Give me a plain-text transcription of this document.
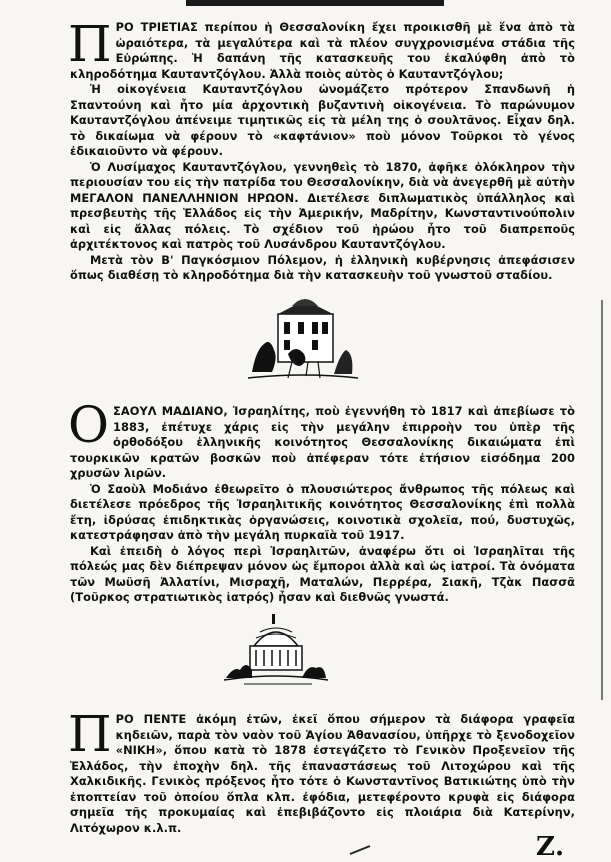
ΠΡΟ ΤΡΙΕΤΙΑΣ περίπου ἡ Θεσσαλονίκη ἔχει προικισθῆ μὲ ἕνα ἀπὸ τὰ ὡραιότερα, τὰ μεγαλύτερα καὶ τὰ πλέον συγχρονισμένα στάδια τῆς Εὐρώπης. Ἡ δαπάνη τῆς κατασκευῆς του ἐκαλύφθη ἀπὸ τὸ κληροδότημα Καυταντζόγλου. Ἀλλὰ ποιὸς αὐτὸς ὁ Καυταντζόγλου;

Ἡ οἰκογένεια Καυταντζόγλου ὠνομάζετο πρότερον Σπανδωνῆ ἡ Σπαντούνη καὶ ἦτο μία ἀρχοντικὴ βυζαντινὴ οἰκογένεια. Τὸ παρώνυμον Καυταντζόγλου ἀπένειμε τιμητικῶς εἰς τὰ μέλη της ὁ σουλτᾶνος. Εἶχαν δηλ. τὸ δικαίωμα νὰ φέρουν τὸ «καφτάνιον» ποὺ μόνον Τοῦρκοι τὸ γένος ἐδικαιοῦντο νὰ φέρουν.

Ὁ Λυσίμαχος Καυταντζόγλου, γεννηθεὶς τὸ 1870, ἀφῆκε ὁλόκληρον τὴν περιουσίαν του εἰς τὴν πατρίδα του Θεσσαλονίκην, διὰ νὰ ἀνεγερθῆ μὲ αὐτὴν ΜΕΓΑΛΟΝ ΠΑΝΕΛΛΗΝΙΟΝ ΗΡΩΟΝ. Διετέλεσε διπλωματικὸς ὑπάλληλος καὶ πρεσβευτὴς τῆς Ἑλλάδος εἰς τὴν Ἀμερικήν, Μαδρίτην, Κωνσταντινούπολιν καὶ εἰς ἄλλας πόλεις. Τὸ σχέδιον τοῦ ἡρώου ἦτο τοῦ διαπρεποῦς ἀρχιτέκτονος καὶ πατρὸς τοῦ Λυσάνδρου Καυταντζόγλου.

Μετὰ τὸν Β' Παγκόσμιον Πόλεμον, ἡ ἑλληνικὴ κυβέρνησις ἀπεφάσισεν ὅπως διαθέσῃ τὸ κληροδότημα διὰ τὴν κατασκευὴν τοῦ γνωστοῦ σταδίου.

ΟΣΑΟΥΛ ΜΑΔΙΑΝΟ, Ἰσραηλίτης, ποὺ ἐγεννήθη τὸ 1817 καὶ ἀπεβίωσε τὸ 1883, ἐπέτυχε χάρις εἰς τὴν μεγάλην ἐπιρροὴν του ὑπὲρ τῆς ὀρθοδόξου ἑλληνικῆς κοινότητος Θεσσαλονίκης δικαιώματα ἐπὶ τουρκικῶν κρατῶν βοσκῶν ποὺ ἀπέφεραν τότε ἐτήσιον εἰσόδημα 200 χρυσῶν λιρῶν.

Ὁ Σαοὺλ Μοδιάνο ἐθεωρεῖτο ὁ πλουσιώτερος ἄνθρωπος τῆς πόλεως καὶ διετέλεσε πρόεδρος τῆς Ἰσραηλιτικῆς κοινότητος Θεσσαλονίκης ἐπὶ πολλὰ ἔτη, ἱδρύσας ἐπιδηκτικὰς ὀργανώσεις, κοινοτικὰ σχολεῖα, πού, δυστυχῶς, κατεστράφησαν ἀπὸ τὴν μεγάλη πυρκαϊὰ τοῦ 1917.

Καὶ ἐπειδὴ ὁ λόγος περὶ Ἰσραηλιτῶν, ἀναφέρω ὅτι οἱ Ἰσραηλῖται τῆς πόλεώς μας δὲν διέπρεψαν μόνον ὡς ἔμποροι ἀλλὰ καὶ ὡς ἰατροί. Τὰ ὀνόματα τῶν Μωϋσῆ Ἀλλατίνι, Μισραχῆ, Ματαλών, Περρέρα, Σιακῆ, Τζὰκ Πασσᾶ (Τοῦρκος στρατιωτικὸς ἰατρός) ἦσαν καὶ διεθνῶς γνωστά.

ΠΡΟ ΠΕΝΤΕ ἀκόμη ἐτῶν, ἐκεῖ ὅπου σήμερον τὰ διάφορα γραφεῖα κηδειῶν, παρὰ τὸν ναὸν τοῦ Ἁγίου Ἀθανασίου, ὑπῆρχε τὸ ξενοδοχεῖον «ΝΙΚΗ», ὅπου κατὰ τὸ 1878 ἐστεγάζετο τὸ Γενικὸν Προξενεῖον τῆς Ἑλλάδος, τὴν ἐποχὴν δηλ. τῆς ἐπαναστάσεως τοῦ Λιτοχώρου καὶ τῆς Χαλκιδικῆς. Γενικὸς πρόξενος ἦτο τότε ὁ Κωνσταντῖνος Βατικιώτης ὑπὸ τὴν ἐποπτείαν τοῦ ὁποίου ὅπλα κλπ. ἐφόδια, μετεφέροντο κρυφὰ εἰς διάφορα σημεῖα τῆς προκυμαίας καὶ ἐπεβιβάζοντο εἰς πλοιάρια διὰ Κατερίνην, Λιτόχωρον κ.λ.π.

Ζ.
